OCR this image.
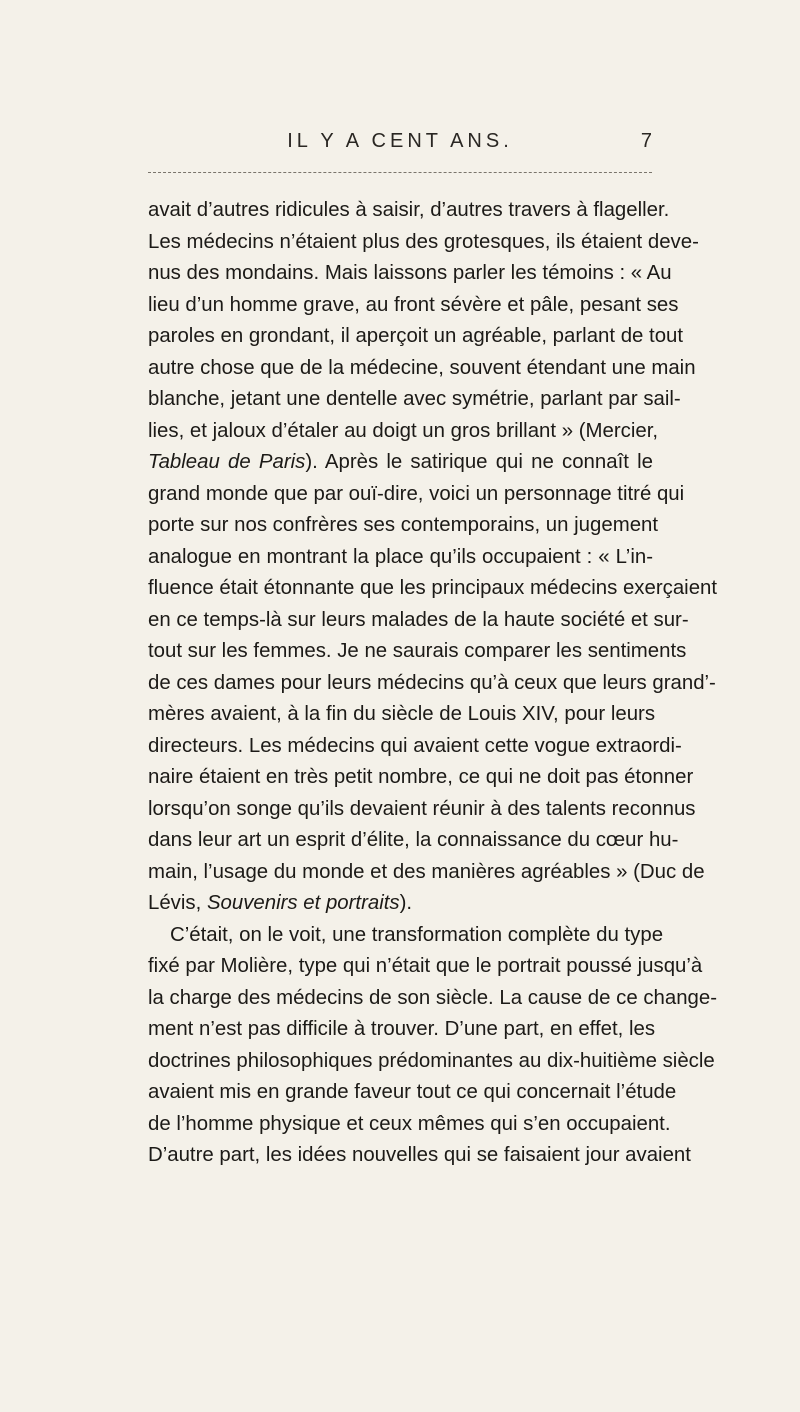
IL Y A CENT ANS.	7
avait d’autres ridicules à saisir, d’autres travers à flageller.
Les médecins n’étaient plus des grotesques, ils étaient deve-
nus des mondains. Mais laissons parler les témoins : « Au
lieu d’un homme grave, au front sévère et pâle, pesant ses
paroles en grondant, il aperçoit un agréable, parlant de tout
autre chose que de la médecine, souvent étendant une main
blanche, jetant une dentelle avec symétrie, parlant par sail-
lies, et jaloux d’étaler au doigt un gros brillant » (Mercier,
Tableau de Paris). Après le satirique qui ne connaît le
grand monde que par ouï-dire, voici un personnage titré qui
porte sur nos confrères ses contemporains, un jugement
analogue en montrant la place qu’ils occupaient : « L’in-
fluence était étonnante que les principaux médecins exerçaient
en ce temps-là sur leurs malades de la haute société et sur-
tout sur les femmes. Je ne saurais comparer les sentiments
de ces dames pour leurs médecins qu’à ceux que leurs grand’-
mères avaient, à la fin du siècle de Louis XIV, pour leurs
directeurs. Les médecins qui avaient cette vogue extraordi-
naire étaient en très petit nombre, ce qui ne doit pas étonner
lorsqu’on songe qu’ils devaient réunir à des talents reconnus
dans leur art un esprit d’élite, la connaissance du cœur hu-
main, l’usage du monde et des manières agréables » (Duc de
Lévis, Souvenirs et portraits).
C’était, on le voit, une transformation complète du type
fixé par Molière, type qui n’était que le portrait poussé jusqu’à
la charge des médecins de son siècle. La cause de ce change-
ment n’est pas difficile à trouver. D’une part, en effet, les
doctrines philosophiques prédominantes au dix-huitième siècle
avaient mis en grande faveur tout ce qui concernait l’étude
de l’homme physique et ceux mêmes qui s’en occupaient.
D’autre part, les idées nouvelles qui se faisaient jour avaient
